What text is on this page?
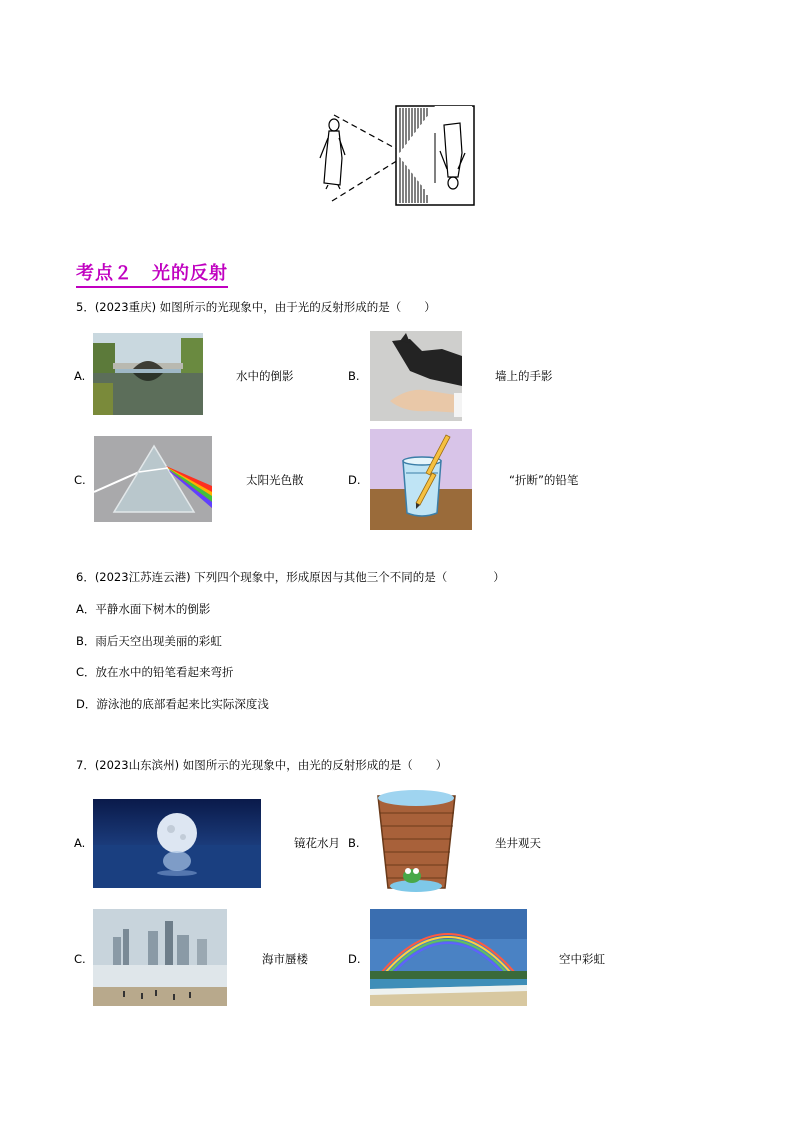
考点２　光的反射
5．(2023重庆) 如图所示的光现象中，由于光的反射形成的是（　　）
A.	水中的倒影	B.	墙上的手影
C.	太阳光色散	D.	“折断”的铅笔
6．(2023江苏连云港) 下列四个现象中，形成原因与其他三个不同的是（　　　　）
A．平静水面下树木的倒影
B．雨后天空出现美丽的彩虹
C．放在水中的铅笔看起来弯折
D．游泳池的底部看起来比实际深度浅
7．(2023山东滨州) 如图所示的光现象中，由光的反射形成的是（　　）
A.	镜花水月 B.	坐井观天
C.	海市蜃楼	D.	空中彩虹
